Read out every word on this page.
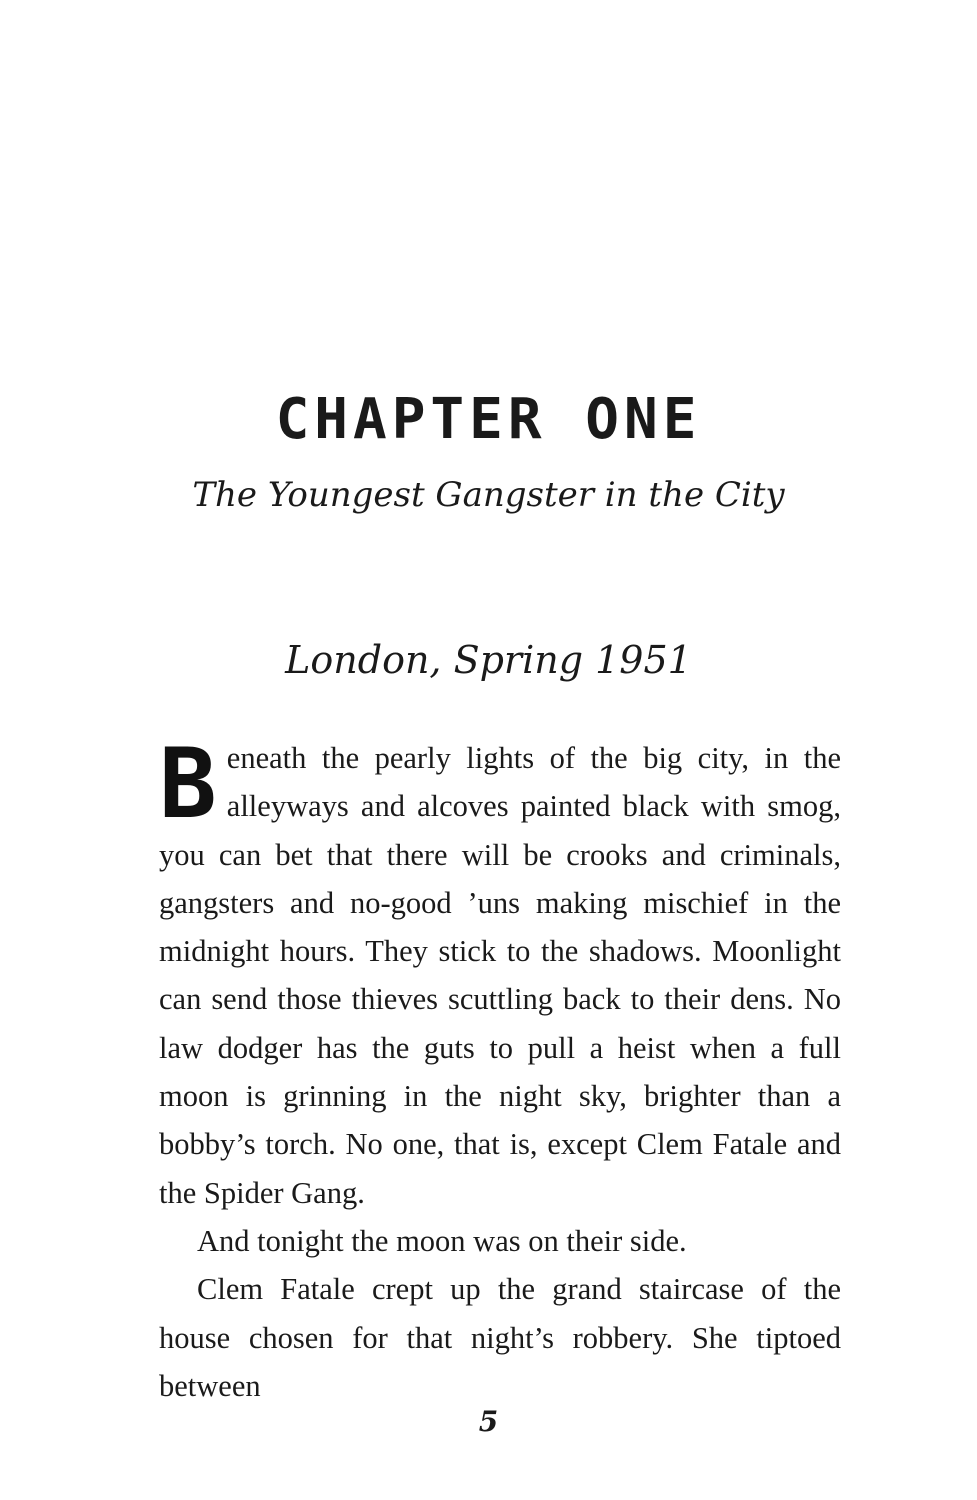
CHAPTER ONE
The Youngest Gangster in the City
London, Spring 1951

Beneath the pearly lights of the big city, in the alleyways and alcoves painted black with smog, you can bet that there will be crooks and criminals, gangsters and no-good ’uns making mischief in the midnight hours. They stick to the shadows. Moonlight can send those thieves scuttling back to their dens. No law dodger has the guts to pull a heist when a full moon is grinning in the night sky, brighter than a bobby’s torch. No one, that is, except Clem Fatale and the Spider Gang.

And tonight the moon was on their side.

Clem Fatale crept up the grand staircase of the house chosen for that night’s robbery. She tiptoed between

5
